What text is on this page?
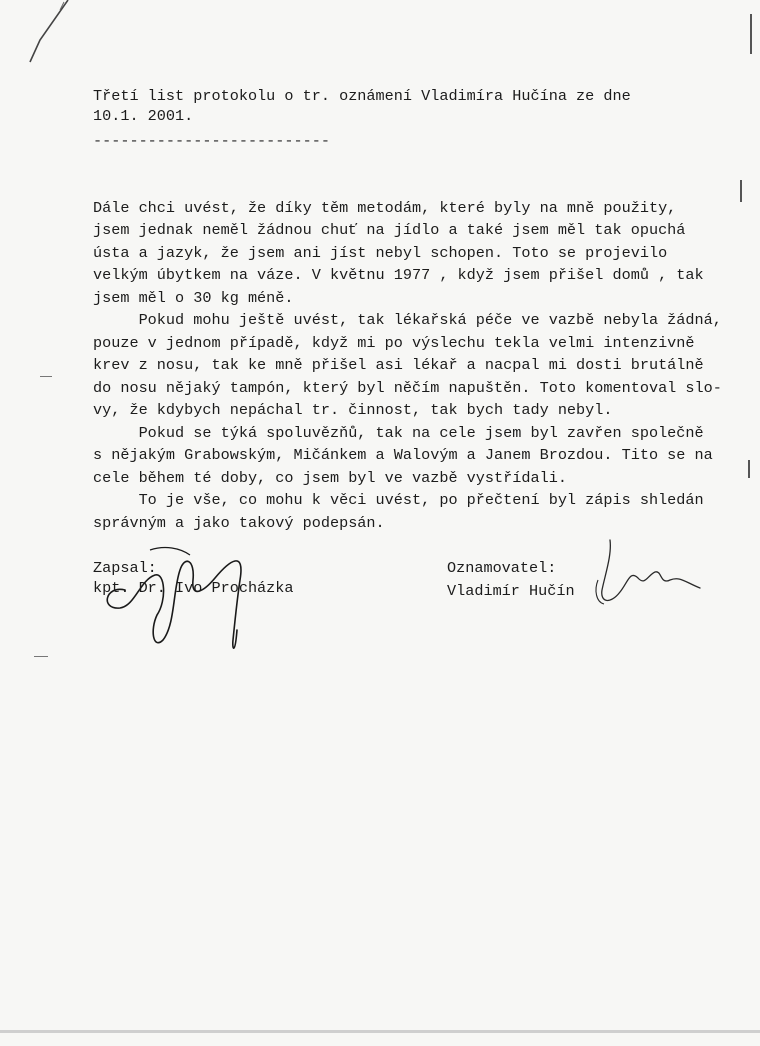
Třetí list protokolu o tr. oznámení Vladimíra Hučína ze dne
10.1. 2001.
--------------------------
Dále chci uvést, že díky těm metodám, které byly na mně použity,
jsem jednak neměl žádnou chuť na jídlo a také jsem měl tak opuchá
ústa a jazyk, že jsem ani jíst nebyl schopen. Toto se projevilo
velkým úbytkem na váze. V květnu 1977 , když jsem přišel domů , tak
jsem měl o 30 kg méně.
Pokud mohu ještě uvést, tak lékařská péče ve vazbě nebyla žádná,
pouze v jednom případě, když mi po výslechu tekla velmi intenzivně
krev z nosu, tak ke mně přišel asi lékař a nacpal mi dosti brutálně
do nosu nějaký tampón, který byl něčím napuštěn. Toto komentoval slo-
vy, že kdybych nepáchal tr. činnost, tak bych tady nebyl.
Pokud se týká spoluvězňů, tak na cele jsem byl zavřen společně
s nějakým Grabowským, Mičánkem a Walovým a Janem Brozdou. Tito se na
cele během té doby, co jsem byl ve vazbě vystřídali.
To je vše, co mohu k věci uvést, po přečtení byl zápis shledán
správným a jako takový podepsán.
Zapsal:
kpt. Dr. Ivo Procházka
Oznamovatel:
Vladimír Hučín
